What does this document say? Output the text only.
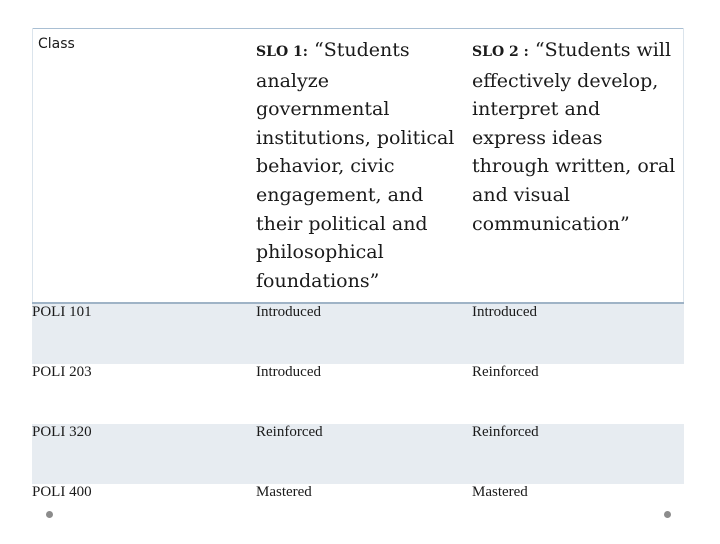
Class	SLO 1: “Students analyze governmental institutions, political behavior, civic engagement, and their political and philosophical foundations”	SLO 2 : “Students will effectively develop, interpret and express ideas through written, oral and visual communication”
POLI 101	Introduced	Introduced
POLI 203	Introduced	Reinforced
POLI 320	Reinforced	Reinforced
POLI 400	Mastered	Mastered
